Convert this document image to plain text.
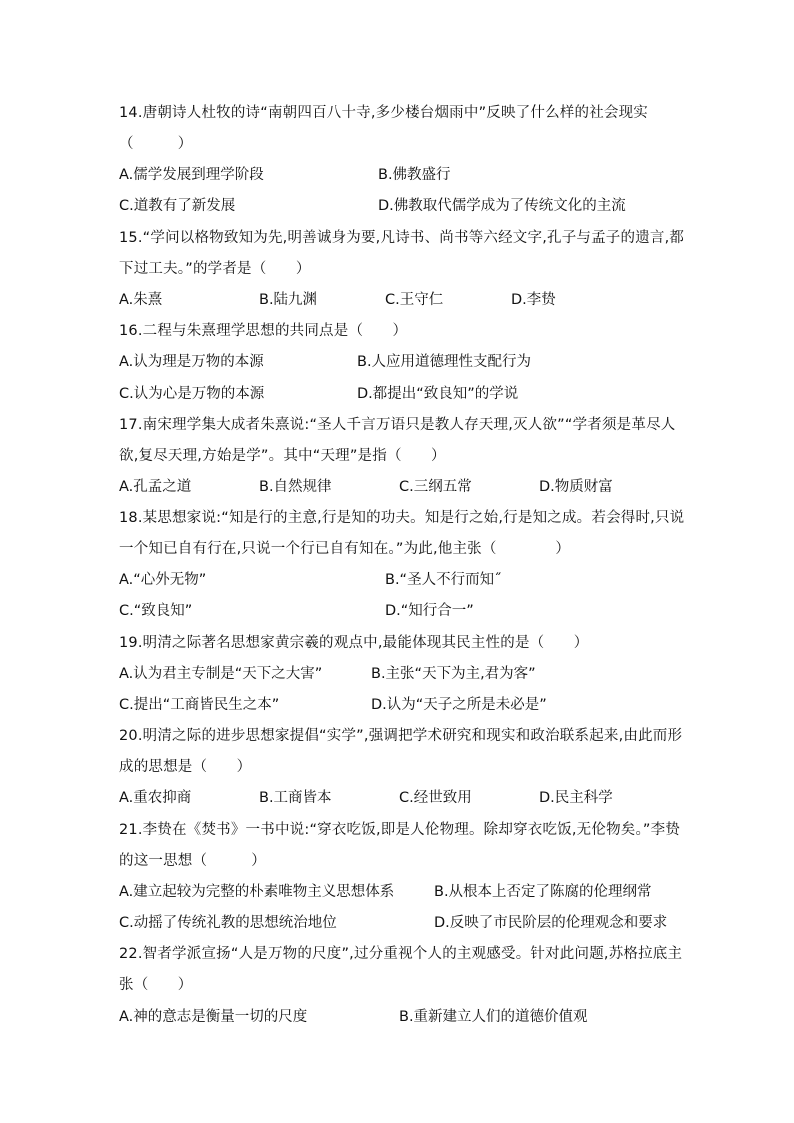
14.唐朝诗人杜牧的诗“南朝四百八十寺,多少楼台烟雨中”反映了什么样的社会现实
（　　　）
A.儒学发展到理学阶段	B.佛教盛行
C.道教有了新发展	D.佛教取代儒学成为了传统文化的主流
15.“学问以格物致知为先,明善诚身为要,凡诗书、尚书等六经文字,孔子与孟子的遗言,都
下过工夫。”的学者是（　　）
A.朱熹	B.陆九渊	C.王守仁	D.李贽
16.二程与朱熹理学思想的共同点是（　　）
A.认为理是万物的本源	B.人应用道德理性支配行为
C.认为心是万物的本源	D.都提出“致良知”的学说
17.南宋理学集大成者朱熹说:“圣人千言万语只是教人存天理,灭人欲”“学者须是革尽人
欲,复尽天理,方始是学”。其中“天理”是指（　　）
A.孔孟之道	B.自然规律	C.三纲五常	D.物质财富
18.某思想家说:“知是行的主意,行是知的功夫。知是行之始,行是知之成。若会得时,只说
一个知已自有行在,只说一个行已自有知在。”为此,他主张（　　　　）
A.“心外无物”	B.“圣人不行而知˝
C.“致良知”	D.“知行合一”
19.明清之际著名思想家黄宗羲的观点中,最能体现其民主性的是（　　）
A.认为君主专制是“天下之大害”	B.主张“天下为主,君为客”
C.提出“工商皆民生之本”	D.认为“天子之所是未必是”
20.明清之际的进步思想家提倡“实学”,强调把学术研究和现实和政治联系起来,由此而形
成的思想是（　　）
A.重农抑商	B.工商皆本	C.经世致用	D.民主科学
21.李贽在《焚书》一书中说:“穿衣吃饭,即是人伦物理。除却穿衣吃饭,无伦物矣。”李贽
的这一思想（　　　）
A.建立起较为完整的朴素唯物主义思想体系	B.从根本上否定了陈腐的伦理纲常
C.动摇了传统礼教的思想统治地位	D.反映了市民阶层的伦理观念和要求
22.智者学派宣扬“人是万物的尺度”,过分重视个人的主观感受。针对此问题,苏格拉底主
张（　　）
A.神的意志是衡量一切的尺度	B.重新建立人们的道德价值观
